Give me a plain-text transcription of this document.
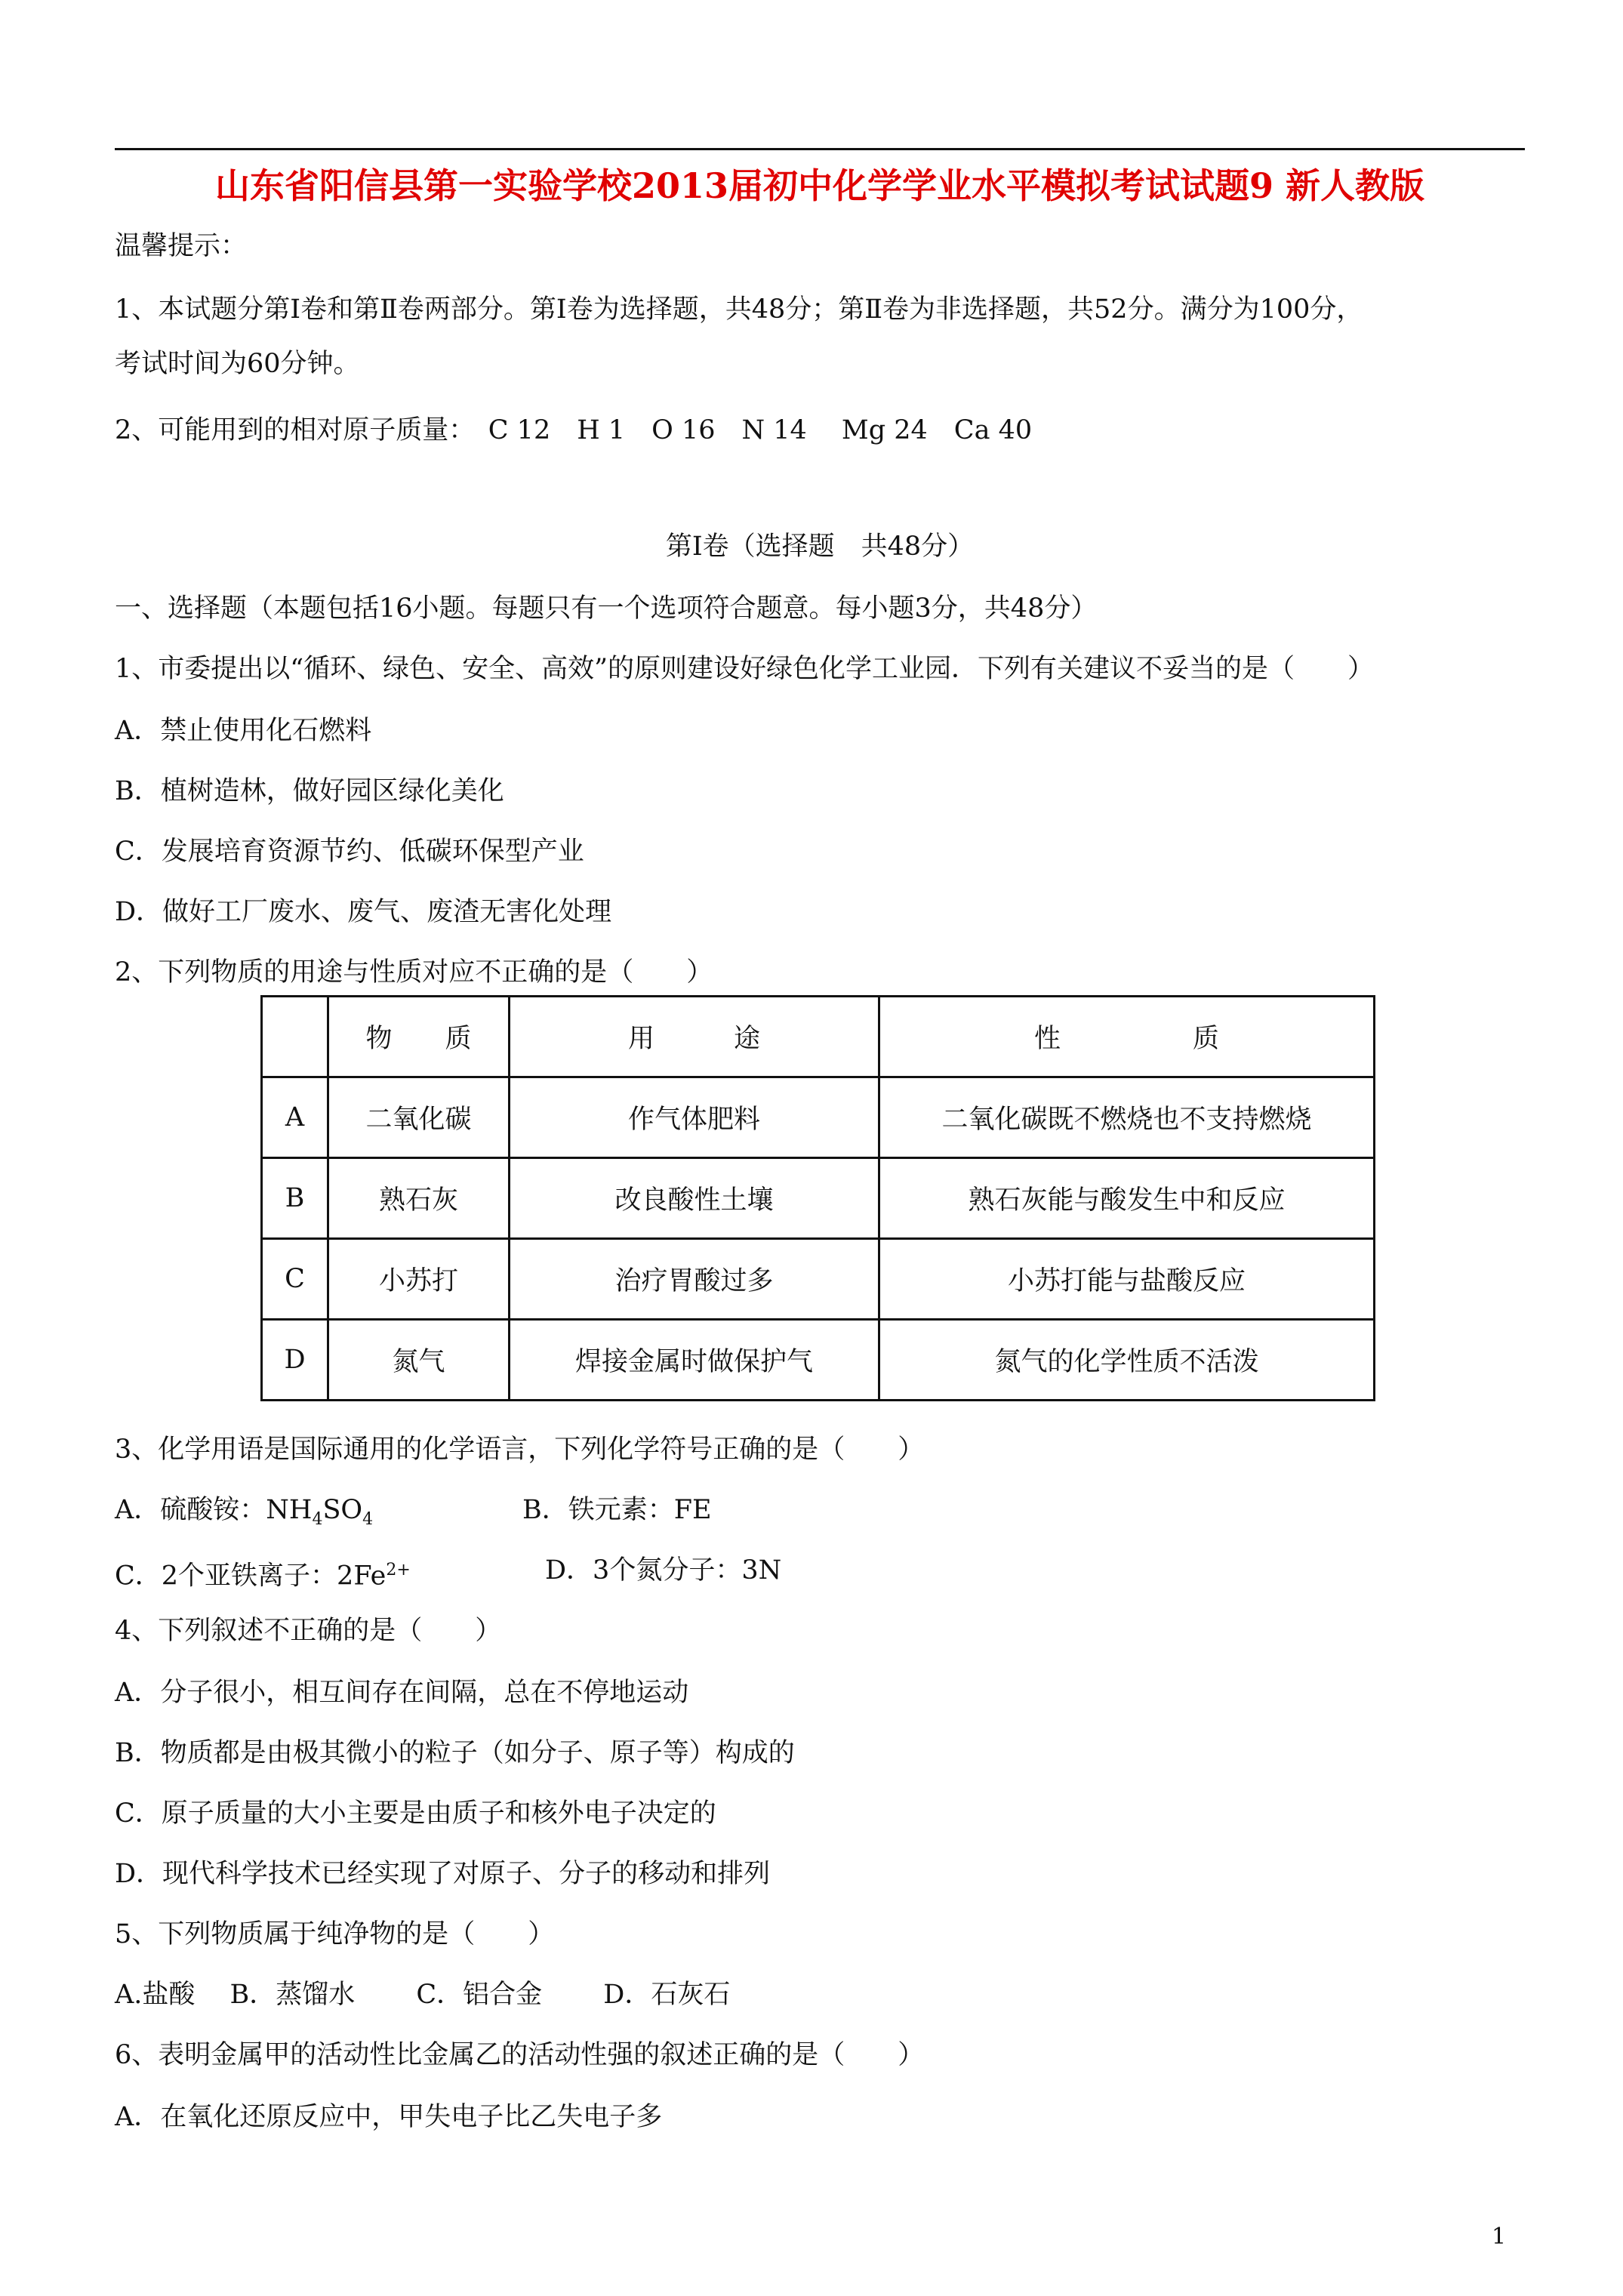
山东省阳信县第一实验学校2013届初中化学学业水平模拟考试试题9 新人教版
温馨提示：
1、本试题分第Ⅰ卷和第Ⅱ卷两部分。第Ⅰ卷为选择题，共48分；第Ⅱ卷为非选择题，共52分。满分为100分，
考试时间为60分钟。
2、可能用到的相对原子质量：　C 12　H 1　O 16　N 14　 Mg 24　Ca 40
第Ⅰ卷（选择题　共48分）
一、选择题（本题包括16小题。每题只有一个选项符合题意。每小题3分，共48分）
1、市委提出以“循环、绿色、安全、高效”的原则建设好绿色化学工业园．下列有关建议不妥当的是（　　）
A．禁止使用化石燃料
B．植树造林，做好园区绿化美化
C．发展培育资源节约、低碳环保型产业
D．做好工厂废水、废气、废渣无害化处理
2、下列物质的用途与性质对应不正确的是（　　）
	物　　质	用　　　途	性　　　　　质
A	二氧化碳	作气体肥料	二氧化碳既不燃烧也不支持燃烧
B	熟石灰	改良酸性土壤	熟石灰能与酸发生中和反应
C	小苏打	治疗胃酸过多	小苏打能与盐酸反应
D	氮气	焊接金属时做保护气	氮气的化学性质不活泼
3、化学用语是国际通用的化学语言，下列化学符号正确的是（　　）
A．硫酸铵：$NH_4SO_4$	B．铁元素：FE
C．2个亚铁离子：$2Fe^{2+}$	D．3个氮分子：3N
4、下列叙述不正确的是（　　）
A．分子很小，相互间存在间隔，总在不停地运动
B．物质都是由极其微小的粒子（如分子、原子等）构成的
C．原子质量的大小主要是由质子和核外电子决定的
D．现代科学技术已经实现了对原子、分子的移动和排列
5、下列物质属于纯净物的是（　　）
A.盐酸　 B．蒸馏水　　 C．铝合金　　 D．石灰石
6、表明金属甲的活动性比金属乙的活动性强的叙述正确的是（　　）
A．在氧化还原反应中，甲失电子比乙失电子多
1
